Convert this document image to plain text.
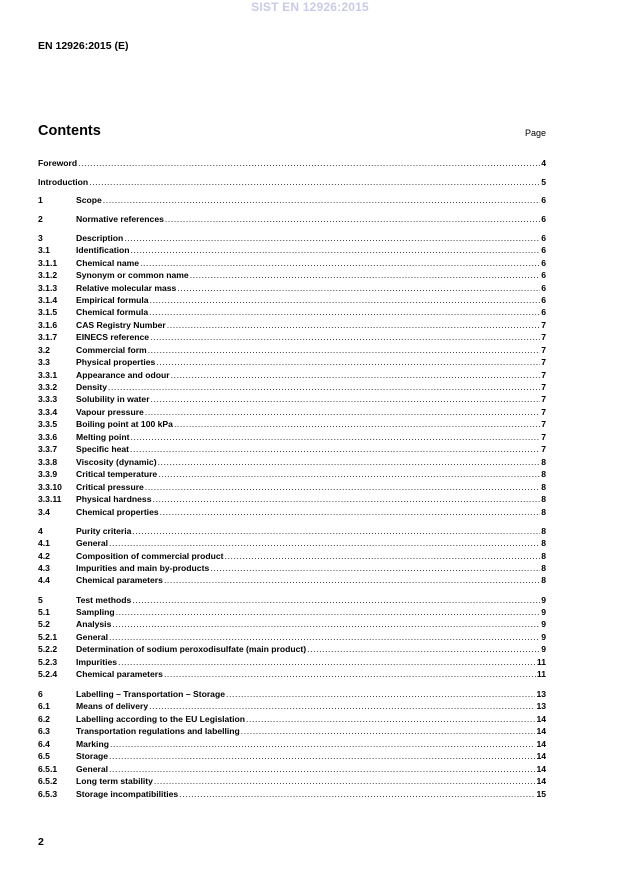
SIST EN 12926:2015
EN 12926:2015 (E)
Contents	Page
Foreword .....	4
Introduction .....	5
1	Scope .....	6
2	Normative references .....	6
3	Description .....	6
3.1	Identification .....	6
3.1.1	Chemical name .....	6
3.1.2	Synonym or common name .....	6
3.1.3	Relative molecular mass .....	6
3.1.4	Empirical formula .....	6
3.1.5	Chemical formula .....	6
3.1.6	CAS Registry Number .....	7
3.1.7	EINECS reference .....	7
3.2	Commercial form .....	7
3.3	Physical properties .....	7
3.3.1	Appearance and odour .....	7
3.3.2	Density .....	7
3.3.3	Solubility in water .....	7
3.3.4	Vapour pressure .....	7
3.3.5	Boiling point at 100 kPa .....	7
3.3.6	Melting point .....	7
3.3.7	Specific heat .....	7
3.3.8	Viscosity (dynamic) .....	8
3.3.9	Critical temperature .....	8
3.3.10	Critical pressure .....	8
3.3.11	Physical hardness .....	8
3.4	Chemical properties .....	8
4	Purity criteria .....	8
4.1	General .....	8
4.2	Composition of commercial product .....	8
4.3	Impurities and main by-products .....	8
4.4	Chemical parameters .....	8
5	Test methods .....	9
5.1	Sampling .....	9
5.2	Analysis .....	9
5.2.1	General .....	9
5.2.2	Determination of sodium peroxodisulfate (main product) .....	9
5.2.3	Impurities .....	11
5.2.4	Chemical parameters .....	11
6	Labelling – Transportation – Storage .....	13
6.1	Means of delivery .....	13
6.2	Labelling according to the EU Legislation .....	14
6.3	Transportation regulations and labelling .....	14
6.4	Marking .....	14
6.5	Storage .....	14
6.5.1	General .....	14
6.5.2	Long term stability .....	14
6.5.3	Storage incompatibilities .....	15
2
